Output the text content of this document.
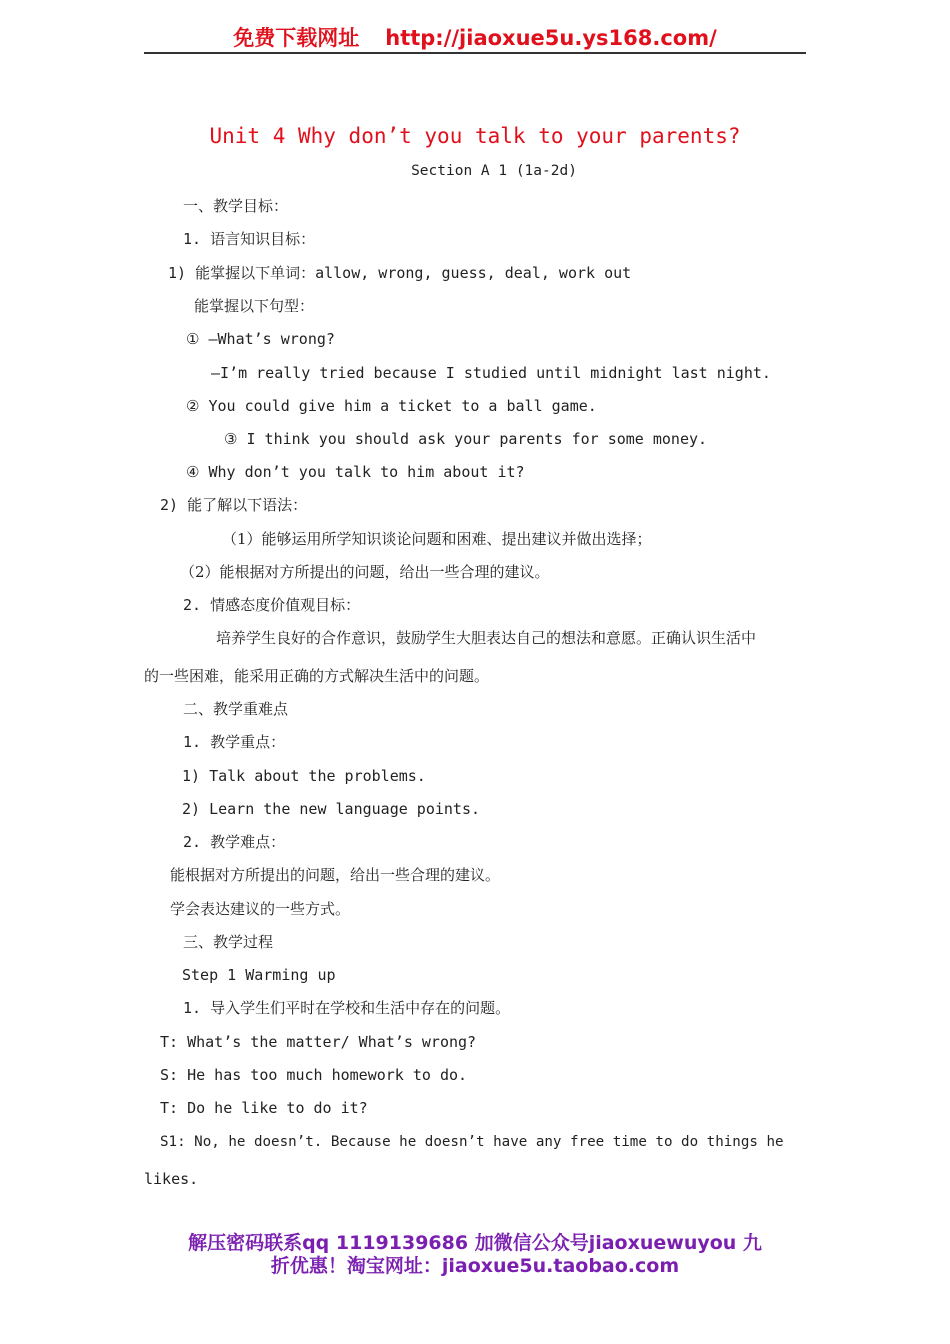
免费下载网址 http://jiaoxue5u.ys168.com/
Unit 4 Why don’t you talk to your parents?
Section A 1 (1a-2d)
一、教学目标：
1. 语言知识目标：
1) 能掌握以下单词：allow, wrong, guess, deal, work out
能掌握以下句型：
① —What’s wrong?
—I’m really tried because I studied until midnight last night.
② You could give him a ticket to a ball game.
③ I think you should ask your parents for some money.
④ Why don’t you talk to him about it?
2) 能了解以下语法：
（1）能够运用所学知识谈论问题和困难、提出建议并做出选择；
（2）能根据对方所提出的问题，给出一些合理的建议。
2. 情感态度价值观目标：
培养学生良好的合作意识，鼓励学生大胆表达自己的想法和意愿。正确认识生活中
的一些困难，能采用正确的方式解决生活中的问题。
二、教学重难点
1. 教学重点：
1) Talk about the problems.
2) Learn the new language points.
2. 教学难点：
能根据对方所提出的问题，给出一些合理的建议。
学会表达建议的一些方式。
三、教学过程
Step 1 Warming up
1. 导入学生们平时在学校和生活中存在的问题。
T: What’s the matter/ What’s wrong?
S: He has too much homework to do.
T: Do he like to do it?
S1: No, he doesn’t. Because he doesn’t have any free time to do things he
likes.
解压密码联系qq 1119139686 加微信公众号jiaoxuewuyou 九
折优惠！淘宝网址：jiaoxue5u.taobao.com
